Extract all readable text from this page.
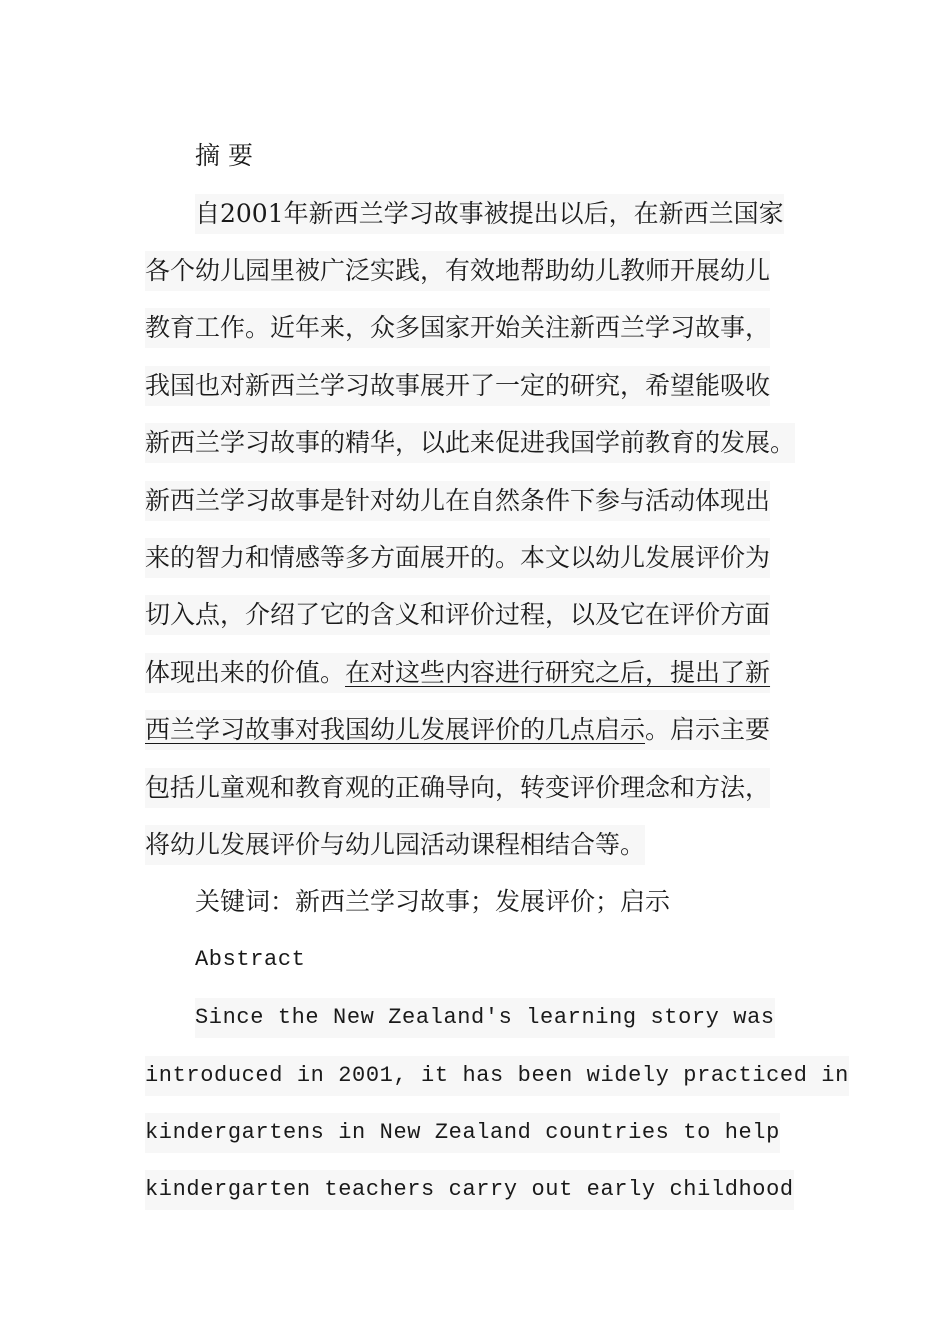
摘 要
自2001年新西兰学习故事被提出以后，在新西兰国家
各个幼儿园里被广泛实践，有效地帮助幼儿教师开展幼儿
教育工作。近年来，众多国家开始关注新西兰学习故事，
我国也对新西兰学习故事展开了一定的研究，希望能吸收
新西兰学习故事的精华，以此来促进我国学前教育的发展。
新西兰学习故事是针对幼儿在自然条件下参与活动体现出
来的智力和情感等多方面展开的。本文以幼儿发展评价为
切入点，介绍了它的含义和评价过程，以及它在评价方面
体现出来的价值。在对这些内容进行研究之后，提出了新
西兰学习故事对我国幼儿发展评价的几点启示。启示主要
包括儿童观和教育观的正确导向，转变评价理念和方法，
将幼儿发展评价与幼儿园活动课程相结合等。
关键词：新西兰学习故事；发展评价；启示
Abstract
Since the New Zealand's learning story was
introduced in 2001, it has been widely practiced in
kindergartens in New Zealand countries to help
kindergarten teachers carry out early childhood
